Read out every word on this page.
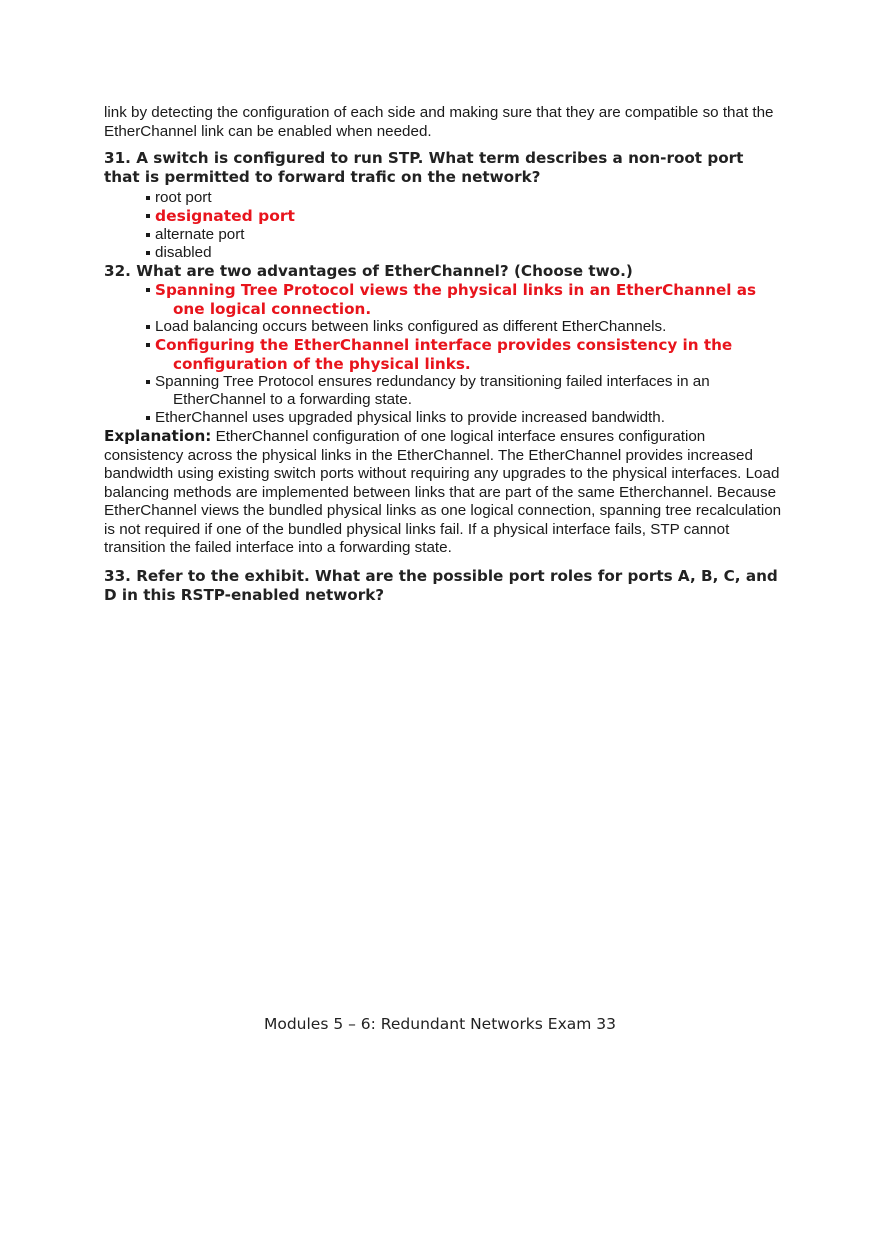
link by detecting the configuration of each side and making sure that they are compatible so that the EtherChannel link can be enabled when needed.

31. A switch is configured to run STP. What term describes a non-root port that is permitted to forward traﬁc on the network?

root port
designated port
alternate port
disabled

32. What are two advantages of EtherChannel? (Choose two.)

Spanning Tree Protocol views the physical links in an EtherChannel as one logical connection.
Load balancing occurs between links configured as different EtherChannels.
Configuring the EtherChannel interface provides consistency in the configuration of the physical links.
Spanning Tree Protocol ensures redundancy by transitioning failed interfaces in an EtherChannel to a forwarding state.
EtherChannel uses upgraded physical links to provide increased bandwidth.

Explanation: EtherChannel configuration of one logical interface ensures configuration consistency across the physical links in the EtherChannel. The EtherChannel provides increased bandwidth using existing switch ports without requiring any upgrades to the physical interfaces. Load balancing methods are implemented between links that are part of the same Etherchannel. Because EtherChannel views the bundled physical links as one logical connection, spanning tree recalculation is not required if one of the bundled physical links fail. If a physical interface fails, STP cannot transition the failed interface into a forwarding state.

33. Refer to the exhibit. What are the possible port roles for ports A, B, C, and D in this RSTP-enabled network?

Modules 5 – 6: Redundant Networks Exam 33
